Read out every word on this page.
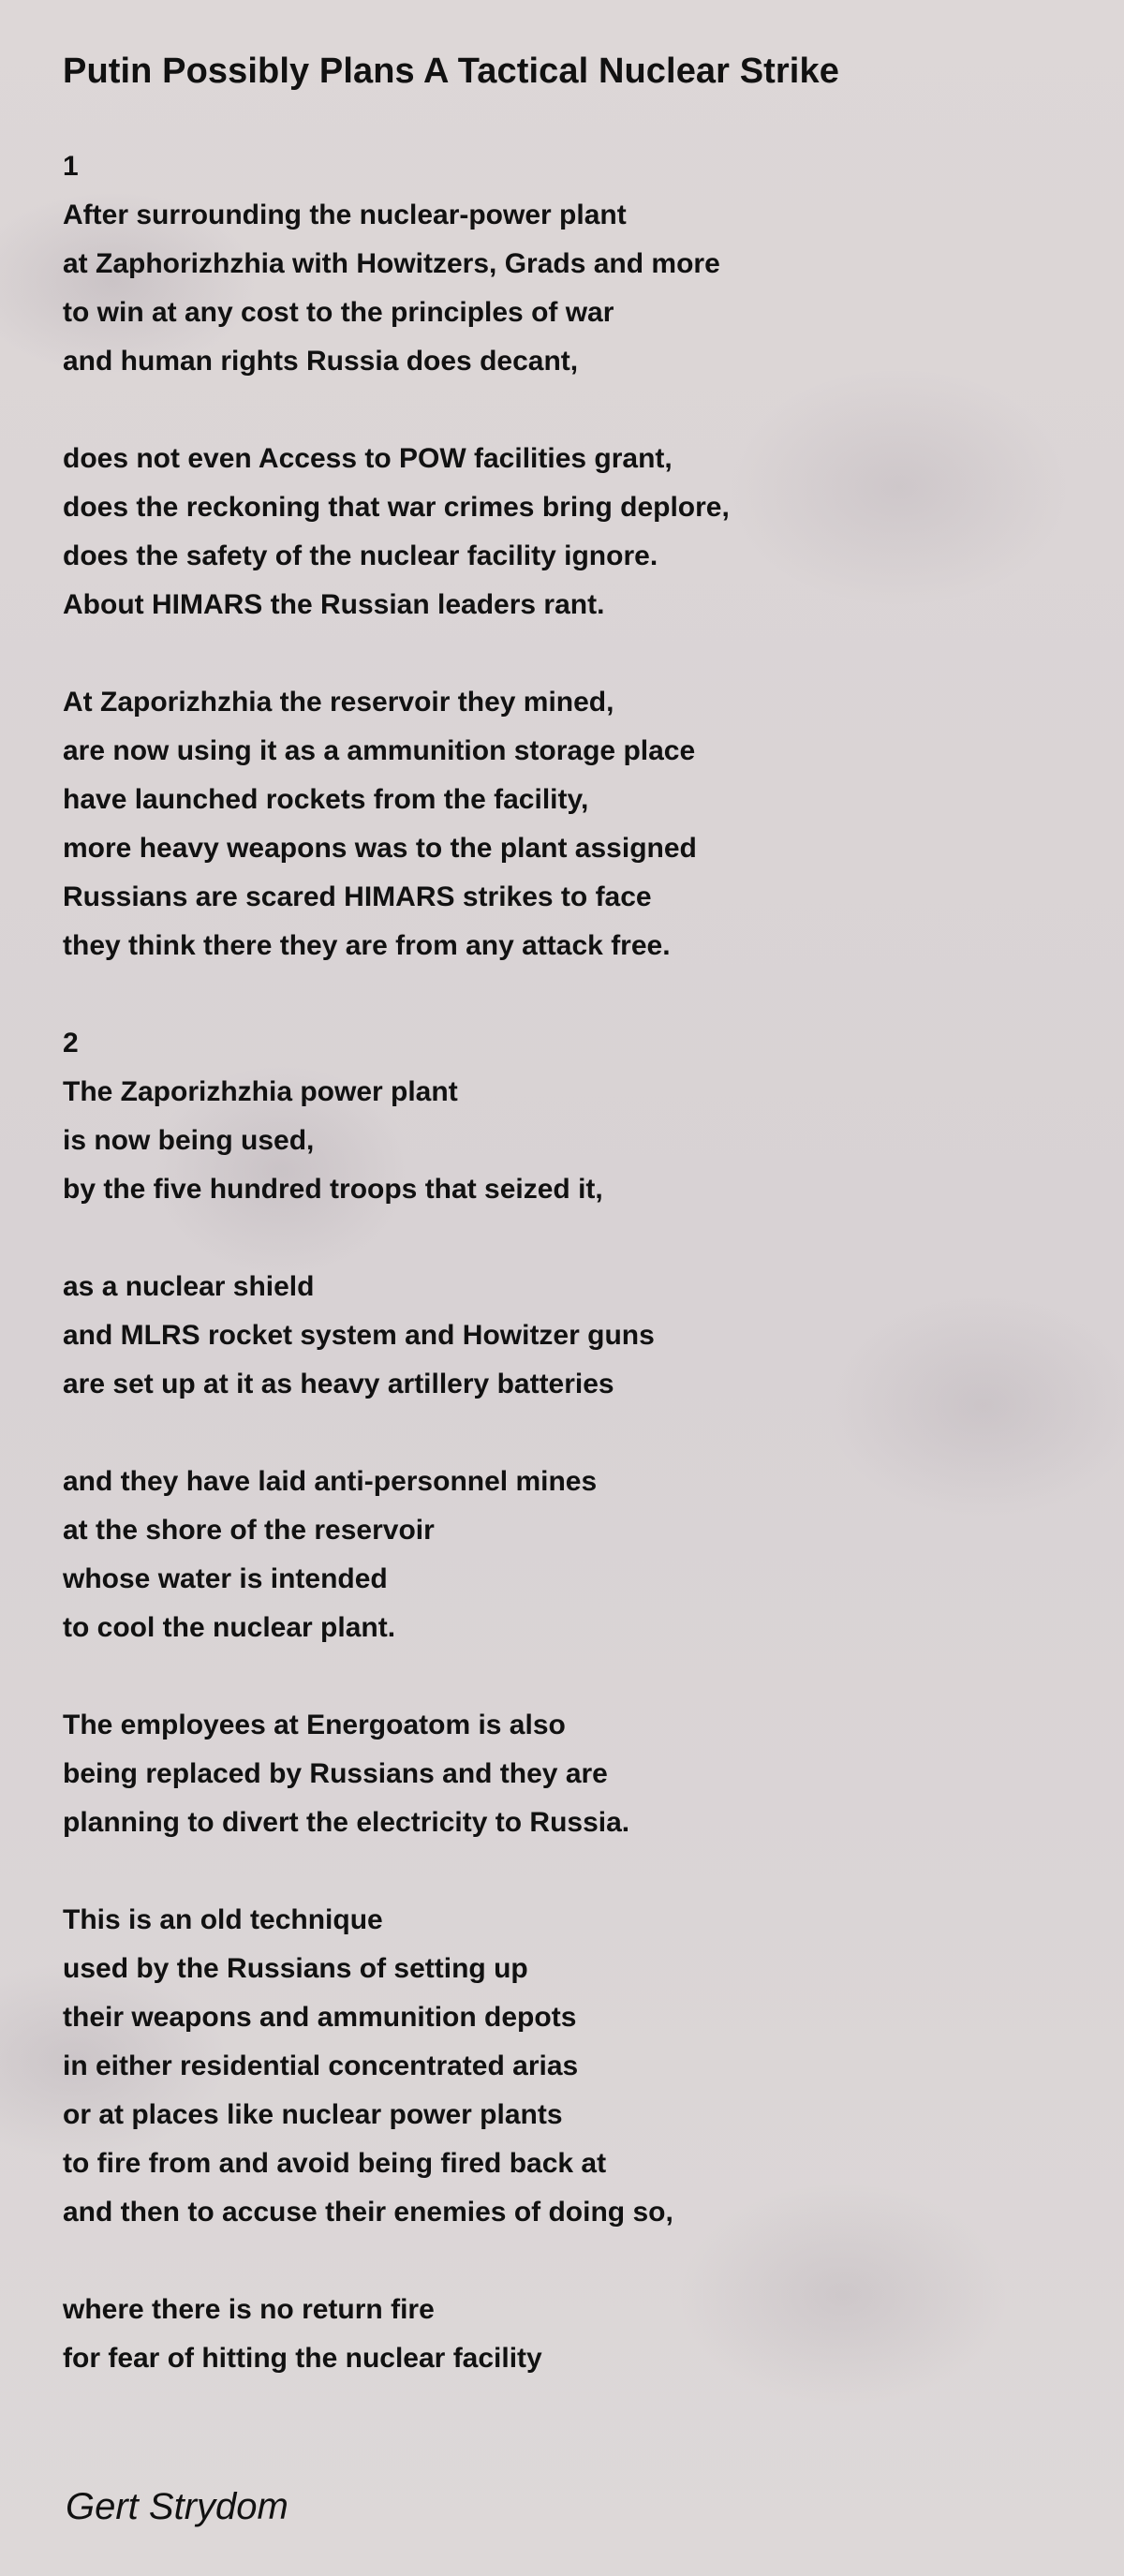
Putin Possibly Plans A Tactical Nuclear Strike
1
After surrounding the nuclear-power plant
at Zaphorizhzhia with Howitzers, Grads and more
to win at any cost to the principles of war
and human rights Russia does decant,
does not even Access to POW facilities grant,
does the reckoning that war crimes bring deplore,
does the safety of the nuclear facility ignore.
About HIMARS the Russian leaders rant.
At Zaporizhzhia the reservoir they mined,
are now using it as a ammunition storage place
have launched rockets from the facility,
more heavy weapons was to the plant assigned
Russians are scared HIMARS strikes to face
they think there they are from any attack free.
2
The Zaporizhzhia power plant
is now being used,
by the five hundred troops that seized it,
as a nuclear shield
and MLRS rocket system and Howitzer guns
are set up at it as heavy artillery batteries
and they have laid anti-personnel mines
at the shore of the reservoir
whose water is intended
to cool the nuclear plant.
The employees at Energoatom is also
being replaced by Russians and they are
planning to divert the electricity to Russia.
This is an old technique
used by the Russians of setting up
their weapons and ammunition depots
in either residential concentrated arias
or at places like nuclear power plants
to fire from and avoid being fired back at
and then to accuse their enemies of doing so,
where there is no return fire
for fear of hitting the nuclear facility
Gert Strydom
